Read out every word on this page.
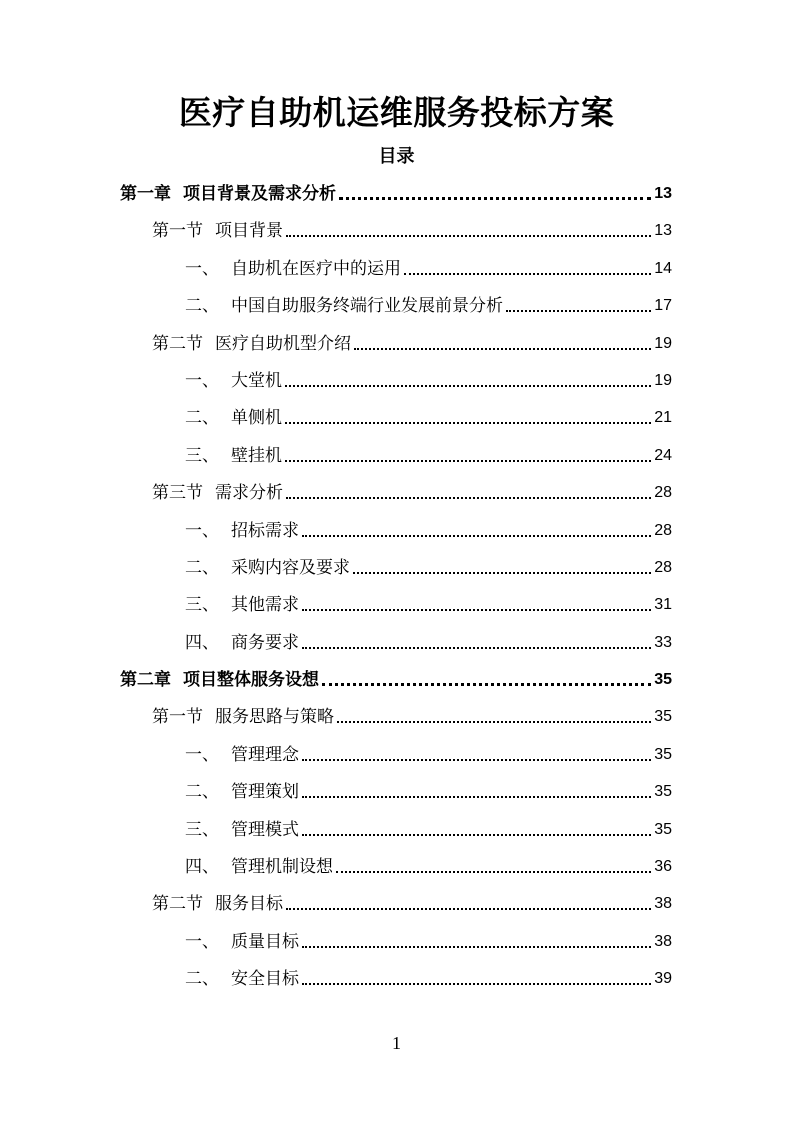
医疗自助机运维服务投标方案
目录
第一章 项目背景及需求分析	13
第一节 项目背景	13
一、 自助机在医疗中的运用	14
二、 中国自助服务终端行业发展前景分析	17
第二节 医疗自助机型介绍	19
一、 大堂机	19
二、 单侧机	21
三、 壁挂机	24
第三节 需求分析	28
一、 招标需求	28
二、 采购内容及要求	28
三、 其他需求	31
四、 商务要求	33
第二章 项目整体服务设想	35
第一节 服务思路与策略	35
一、 管理理念	35
二、 管理策划	35
三、 管理模式	35
四、 管理机制设想	36
第二节 服务目标	38
一、 质量目标	38
二、 安全目标	39
1
